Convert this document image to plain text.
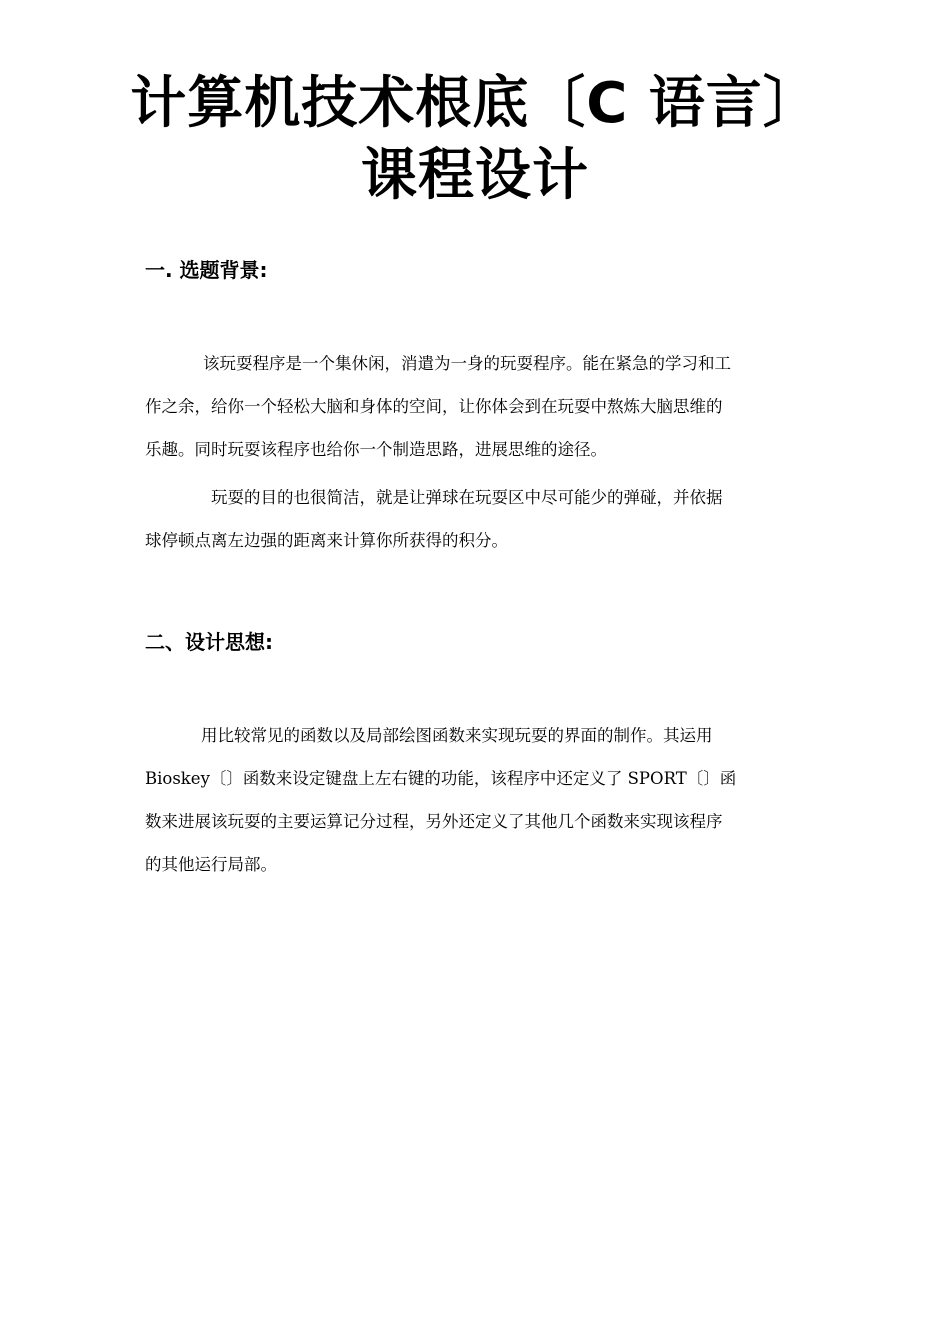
计算机技术根底〔C 语言〕
课程设计
一. 选题背景:
该玩耍程序是一个集休闲，消遣为一身的玩耍程序。能在紧急的学习和工
作之余，给你一个轻松大脑和身体的空间，让你体会到在玩耍中熬炼大脑思维的
乐趣。同时玩耍该程序也给你一个制造思路，进展思维的途径。
玩耍的目的也很简洁，就是让弹球在玩耍区中尽可能少的弹碰，并依据
球停顿点离左边强的距离来计算你所获得的积分。
二、设计思想:
用比较常见的函数以及局部绘图函数来实现玩耍的界面的制作。其运用
Bioskey〔〕函数来设定键盘上左右键的功能，该程序中还定义了 SPORT〔〕函
数来进展该玩耍的主要运算记分过程，另外还定义了其他几个函数来实现该程序
的其他运行局部。
